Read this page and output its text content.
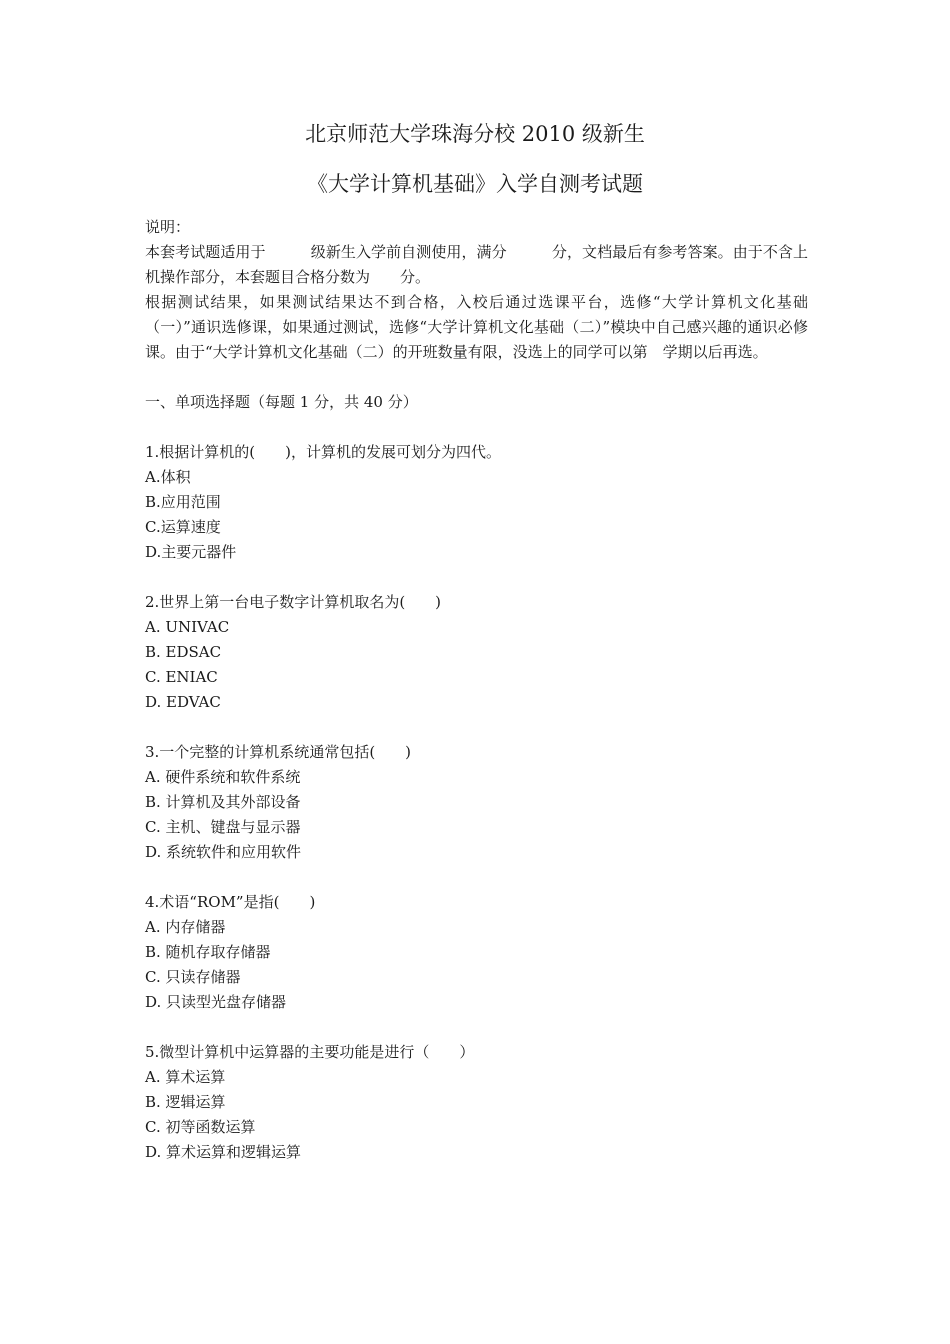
北京师范大学珠海分校 2010 级新生
《大学计算机基础》入学自测考试题

说明：

本套考试题适用于　　　级新生入学前自测使用，满分　　　分，文档最后有参考答案。由于不含上机操作部分，本套题目合格分数为　　分。

根据测试结果，如果测试结果达不到合格，入校后通过选课平台，选修“大学计算机文化基础（一）”通识选修课，如果通过测试，选修“大学计算机文化基础（二）”模块中自己感兴趣的通识必修课。由于“大学计算机文化基础（二）的开班数量有限，没选上的同学可以第　学期以后再选。

一、单项选择题（每题 1 分，共 40 分）

1.根据计算机的(　　)，计算机的发展可划分为四代。

A.体积

B.应用范围

C.运算速度

D.主要元器件

2.世界上第一台电子数字计算机取名为(　　)

A. UNIVAC

B. EDSAC

C. ENIAC

D. EDVAC

3.一个完整的计算机系统通常包括(　　)

A. 硬件系统和软件系统

B. 计算机及其外部设备

C. 主机、键盘与显示器

D. 系统软件和应用软件

4.术语“ROM”是指(　　)

A. 内存储器

B. 随机存取存储器

C. 只读存储器

D. 只读型光盘存储器

5.微型计算机中运算器的主要功能是进行（　　）

A. 算术运算

B. 逻辑运算

C. 初等函数运算

D. 算术运算和逻辑运算
